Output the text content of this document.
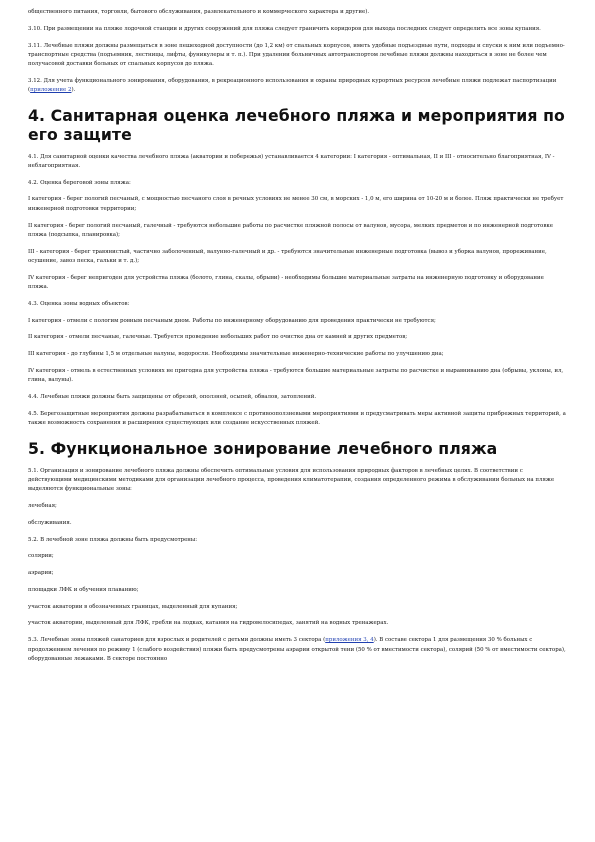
общественного питания, торговли, бытового обслуживания, развлекательного и коммерческого характера и другие).

3.10. При размещении на пляже лодочной станции и других сооружений для пляжа следует граничить коридоров для выхода последних следует определить все зоны купания.

3.11. Лечебные пляжи должны размещаться в зоне пешеходной доступности (до 1,2 км) от спальных корпусов, иметь удобные подъездные пути, подходы и спуски к ним или подъемно-транспортные средства (подъемник, лестницы, лифты, фуникулеры и т. п.). При удалении больничных автотранспортом лечебные пляжи должны находиться в зоне не более чем получасовой доставки больных от спальных корпусов до пляжа.

3.12. Для учета функционального зонирования, оборудования, в рекреационного использования и охраны природных курортных ресурсов лечебные пляжи подлежат паспортизации (приложение 2).

4. Санитарная оценка лечебного пляжа и мероприятия по его защите

4.1. Для санитарной оценки качества лечебного пляжа (акватории и побережья) устанавливается 4 категории: I категория - оптимальная, II и III - относительно благоприятная, IV - неблагоприятная.

4.2. Оценка береговой зоны пляжа:

I категория - берег пологий песчаный, с мощностью песчаного слоя в речных условиях не менее 30 см, в морских - 1,0 м, его ширина от 10-20 м и более. Пляж практически не требует инженерной подготовки территории;

II категория - берег пологий песчаный, галечный - требуются небольшие работы по расчистке пляжной полосы от валунов, мусора, мелких предметов и по инженерной подготовке пляжа (подсыпка, планировка);

III - категория - берег травянистый, частично заболоченный, валунно-галечный и др. - требуются значительные инженерные подготовка (вывоз и уборка валунов, прореживание, осушение, завоз песка, гальки и т. д.);

IV категория - берег непригоден для устройства пляжа (болото, глина, скалы, обрыви) - необходимы большие материальные затраты на инженерную подготовку и оборудование пляжа.

4.3. Оценка зоны водных объектов:

I категория - отмели с пологим ровным песчаным дном. Работы по инженерному оборудованию для проведения практически не требуются;

II категория - отмели песчаные, галечные. Требуется проведение небольших работ по очистке дна от камней и других предметов;

III категория - до глубины 1,5 м отдельные валуны, водоросли. Необходимы значительные инженерно-технические работы по улучшению дна;

IV категория - отмель в естественных условиях не пригодна для устройства пляжа - требуются большие материальные затраты по расчистке и выравниванию дна (обрывы, уклоны, ил, глина, валуны).

4.4. Лечебные пляжи должны быть защищены от обрезий, оползней, осыпей, обвалов, затоплений.

4.5. Берегозащитные мероприятия должны разрабатываться в комплексе с противооползневыми мероприятиями и предусматривать меры активной защиты прибрежных территорий, а также возможность сохранения и расширения существующих или создание искусственных пляжей.

5. Функциональное зонирование лечебного пляжа

5.1. Организация и зонирование лечебного пляжа должны обеспечить оптимальные условия для использования природных факторов в лечебных целях. В соответствии с действующими медицинскими методиками для организации лечебного процесса, проведения климатотерапии, создания определенного режима в обслуживании больных на пляже выделяются функциональные зоны:

лечебная;

обслуживания.

5.2. В лечебной зоне пляжа должны быть предусмотрены:

солярии;

аэрарии;

площадки ЛФК и обучения плаванию;

участок акватории в обозначенных границах, выделенный для купания;

участок акватории, выделенный для ЛФК, гребли на лодках, катания на гидровелосипедах, занятий на водных тренажерах.

5.3. Лечебные зоны пляжей санаториев для взрослых и родителей с детьми должны иметь 3 сектора (приложения 3, 4). В составе сектора 1 для размещения 30 % больных с продолжением лечения по режиму 1 (слабого воздействия) пляжи быть предусмотрены аэрарии открытой тени (50 % от вместимости сектора), солярий (50 % от вместимости сектора), оборудованные лежаками. В секторе постоянно
